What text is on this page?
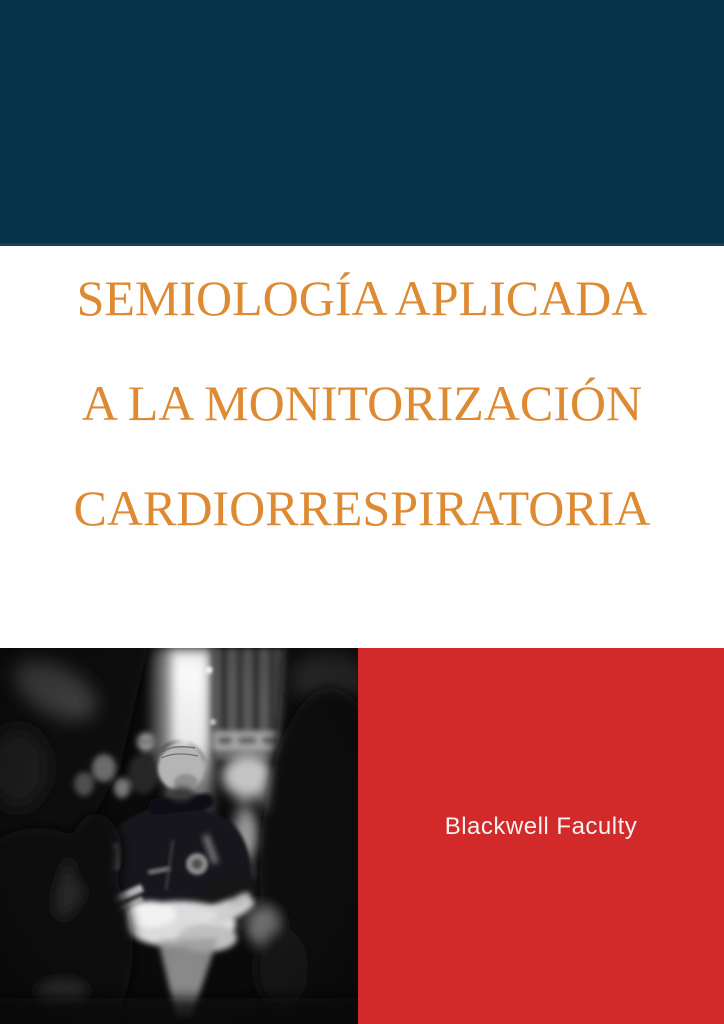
SEMIOLOGÍA APLICADA
A LA MONITORIZACIÓN
CARDIORRESPIRATORIA
Blackwell Faculty
